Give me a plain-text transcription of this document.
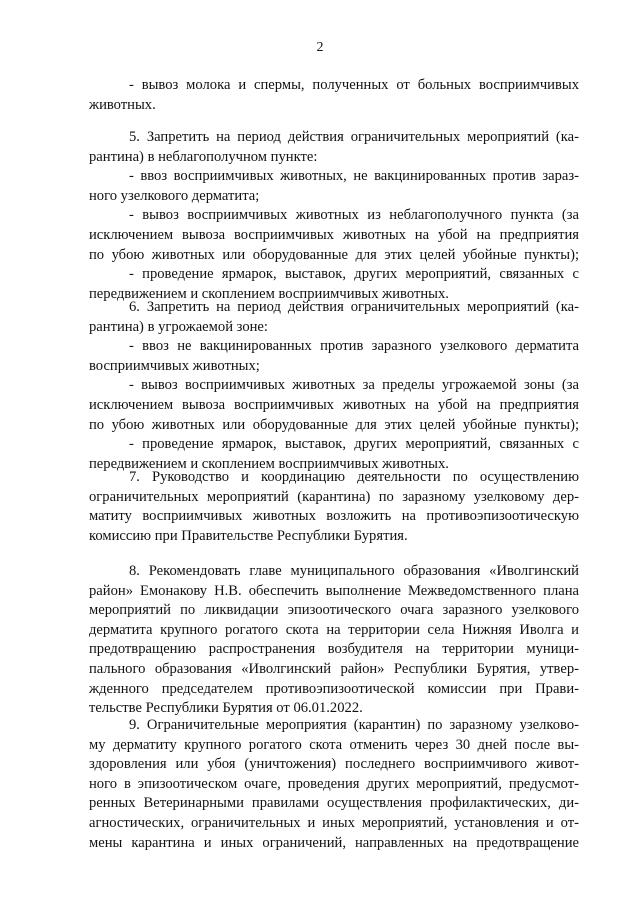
2
- вывоз молока и спермы, полученных от больных восприимчивых
животных.
5. Запретить на период действия ограничительных мероприятий (ка-
рантина) в неблагополучном пункте:
- ввоз восприимчивых животных, не вакцинированных против зараз-
ного узелкового дерматита;
- вывоз восприимчивых животных из неблагополучного пункта (за
исключением вывоза восприимчивых животных на убой на предприятия
по убою животных или оборудованные для этих целей убойные пункты);
- проведение ярмарок, выставок, других мероприятий, связанных с
передвижением и скоплением восприимчивых животных.
6. Запретить на период действия ограничительных мероприятий (ка-
рантина) в угрожаемой зоне:
- ввоз не вакцинированных против заразного узелкового дерматита
восприимчивых животных;
- вывоз восприимчивых животных за пределы угрожаемой зоны (за
исключением вывоза восприимчивых животных на убой на предприятия
по убою животных или оборудованные для этих целей убойные пункты);
- проведение ярмарок, выставок, других мероприятий, связанных с
передвижением и скоплением восприимчивых животных.
7. Руководство и координацию деятельности по осуществлению
ограничительных мероприятий (карантина) по заразному узелковому дер-
матиту восприимчивых животных возложить на противоэпизоотическую
комиссию при Правительстве Республики Бурятия.
8. Рекомендовать главе муниципального образования «Иволгинский
район» Емонакову Н.В. обеспечить выполнение Межведомственного плана
мероприятий по ликвидации эпизоотического очага заразного узелкового
дерматита крупного рогатого скота на территории села Нижняя Иволга и
предотвращению распространения возбудителя на территории муници-
пального образования «Иволгинский район» Республики Бурятия, утвер-
жденного председателем противоэпизоотической комиссии при Прави-
тельстве Республики Бурятия от 06.01.2022.
9. Ограничительные мероприятия (карантин) по заразному узелково-
му дерматиту крупного рогатого скота отменить через 30 дней после вы-
здоровления или убоя (уничтожения) последнего восприимчивого живот-
ного в эпизоотическом очаге, проведения других мероприятий, предусмот-
ренных Ветеринарными правилами осуществления профилактических, ди-
агностических, ограничительных и иных мероприятий, установления и от-
мены карантина и иных ограничений, направленных на предотвращение
